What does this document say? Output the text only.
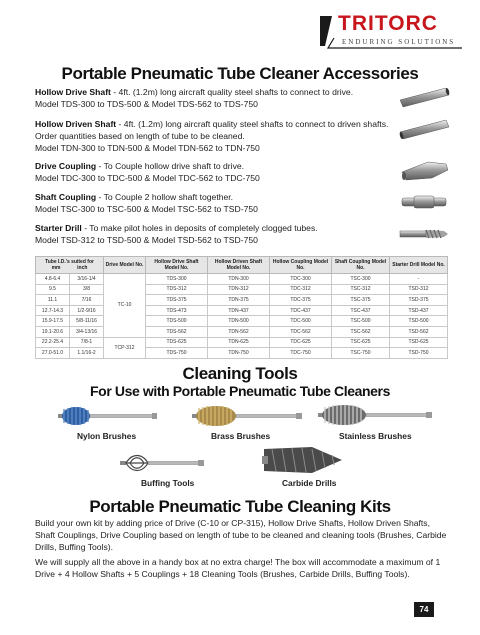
TRITORC
ENDURING SOLUTIONS
Portable Pneumatic Tube Cleaner Accessories
Hollow Drive Shaft - 4ft. (1.2m) long aircraft quality steel shafts to connect to drive.
Model TDS-300 to TDS-500 & Model TDS-562 to TDS-750
Hollow Driven Shaft - 4ft. (1.2m) long aircraft quality steel shafts to connect to driven shafts. Order quantities based on length of tube to be cleaned.
Model TDN-300 to TDN-500 & Model TDN-562 to TDN-750
Drive Coupling - To Couple hollow drive shaft to drive.
Model TDC-300 to TDC-500 & Model TDC-562 to TDC-750
Shaft Coupling - To Couple 2 hollow shaft together.
Model TSC-300 to TSC-500 & Model TSC-562 to TSD-750
Starter Drill - To make pilot holes in deposits of completely clogged tubes.
Model TSD-312 to TSD-500 & Model TSD-562 to TSD-750
Tube I.D.'s suited for
mm inch		Drive Model No.	Hollow Drive Shaft Model No.	Hollow Driven Shaft Model No.	Hollow Coupling Model No.	Shaft Coupling Model No.	Starter Drill Model No.
4.8-6.4	3/16-1/4	TC-10	TDS-300	TDN-300	TDC-300	TSC-300	-
9.5	3/8		TDS-312	TDN-312	TDC-312	TSC-312	TSD-312
11.1	7/16		TDS-375	TDN-375	TDC-375	TSC-375	TSD-375
12.7-14.3	1/2-9/16		TDS-473	TDN-437	TDC-437	TSC-437	TSD-437
15.9-17.5	5/8-11/16		TDS-500	TDN-500	TDC-500	TSC-500	TSD-500
19.1-20.6	3/4-13/16		TDS-562	TDN-562	TDC-562	TSC-562	TSD-562
22.2-25.4	7/8-1	TCP-312	TDS-625	TDN-625	TDC-625	TSC-625	TSD-625
27.0-51.0	1.1/16-2		TDS-750	TDN-750	TDC-750	TSC-750	TSD-750
Cleaning Tools
For Use with Portable Pneumatic Tube Cleaners
Nylon Brushes	Brass Brushes	Stainless Brushes
Buffing Tools	Carbide Drills
Portable Pneumatic Tube Cleaning Kits

Build your own kit by adding price of Drive (C-10 or CP-315), Hollow Drive Shafts, Hollow Driven Shafts, Shaft Couplings, Drive Coupling based on length of tube to be cleaned and cleaning tools (Brushes, Carbide Drills, Buffing Tools).

We will supply all the above in a handy box at no extra charge! The box will accommodate a maximum of 1 Drive + 4 Hollow Shafts + 5 Couplings + 18 Cleaning Tools (Brushes, Carbide Drills, Buffing Tools).

74
